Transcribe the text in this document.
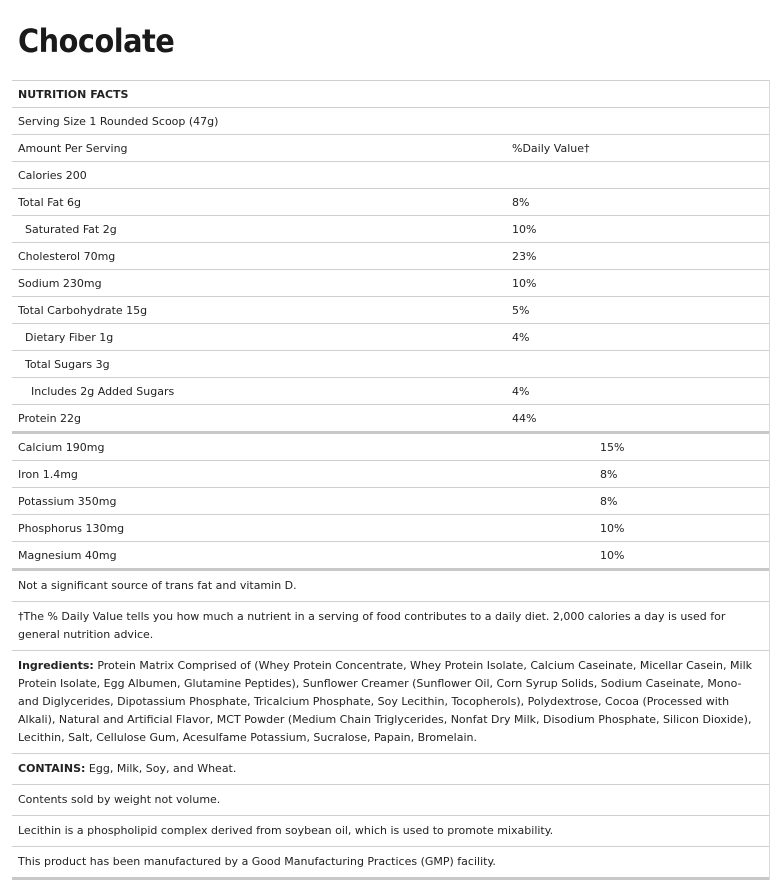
Chocolate
NUTRITION FACTS
Serving Size 1 Rounded Scoop (47g)
Amount Per Serving	%Daily Value†
Calories 200
Total Fat 6g	8%
Saturated Fat 2g	10%
Cholesterol 70mg	23%
Sodium 230mg	10%
Total Carbohydrate 15g	5%
Dietary Fiber 1g	4%
Total Sugars 3g
Includes 2g Added Sugars	4%
Protein 22g	44%
Calcium 190mg	15%
Iron 1.4mg	8%
Potassium 350mg	8%
Phosphorus 130mg	10%
Magnesium 40mg	10%
Not a significant source of trans fat and vitamin D.
†The % Daily Value tells you how much a nutrient in a serving of food contributes to a daily diet. 2,000 calories a day is used for general nutrition advice.
Ingredients: Protein Matrix Comprised of (Whey Protein Concentrate, Whey Protein Isolate, Calcium Caseinate, Micellar Casein, Milk Protein Isolate, Egg Albumen, Glutamine Peptides), Sunflower Creamer (Sunflower Oil, Corn Syrup Solids, Sodium Caseinate, Mono- and Diglycerides, Dipotassium Phosphate, Tricalcium Phosphate, Soy Lecithin, Tocopherols), Polydextrose, Cocoa (Processed with Alkali), Natural and Artificial Flavor, MCT Powder (Medium Chain Triglycerides, Nonfat Dry Milk, Disodium Phosphate, Silicon Dioxide), Lecithin, Salt, Cellulose Gum, Acesulfame Potassium, Sucralose, Papain, Bromelain.
CONTAINS: Egg, Milk, Soy, and Wheat.
Contents sold by weight not volume.
Lecithin is a phospholipid complex derived from soybean oil, which is used to promote mixability.
This product has been manufactured by a Good Manufacturing Practices (GMP) facility.
